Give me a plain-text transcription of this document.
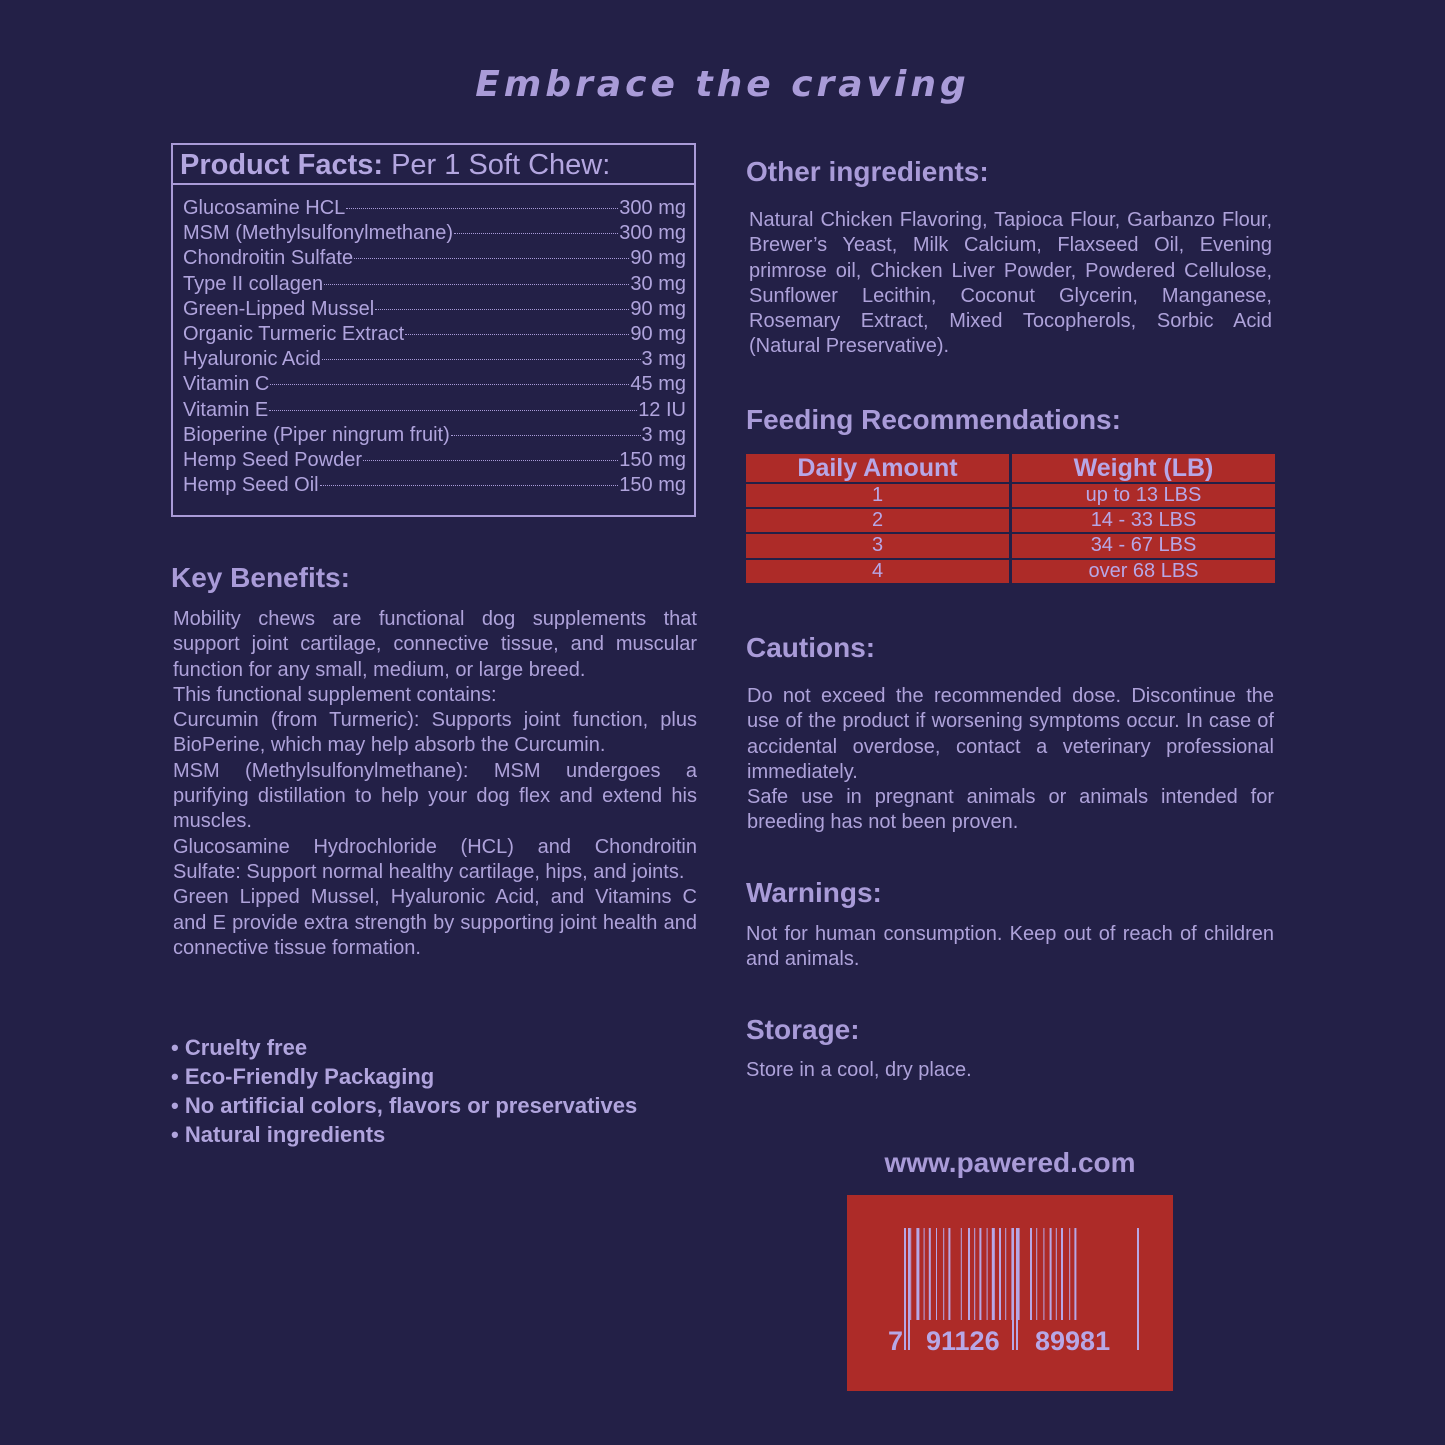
Embrace the craving
Product Facts: Per 1 Soft Chew:
Glucosamine HCL	300 mg
MSM (Methylsulfonylmethane)	300 mg
Chondroitin Sulfate	90 mg
Type II collagen	30 mg
Green-Lipped Mussel	90 mg
Organic Turmeric Extract	90 mg
Hyaluronic Acid	3 mg
Vitamin C	45 mg
Vitamin E	12 IU
Bioperine (Piper ningrum fruit)	3 mg
Hemp Seed Powder	150 mg
Hemp Seed Oil	150 mg
Key Benefits:

Mobility chews are functional dog supplements that support joint cartilage, connective tissue, and muscular function for any small, medium, or large breed.

This functional supplement contains:

Curcumin (from Turmeric): Supports joint function, plus BioPerine, which may help absorb the Curcumin.

MSM (Methylsulfonylmethane): MSM undergoes a purifying distillation to help your dog flex and extend his muscles.

Glucosamine Hydrochloride (HCL) and Chondroitin Sulfate: Support normal healthy cartilage, hips, and joints.

Green Lipped Mussel, Hyaluronic Acid, and Vitamins C and E provide extra strength by supporting joint health and connective tissue formation.

• Cruelty free
• Eco-Friendly Packaging
• No artificial colors, flavors or preservatives
• Natural ingredients
Other ingredients:

Natural Chicken Flavoring, Tapioca Flour, Garbanzo Flour, Brewer’s Yeast, Milk Calcium, Flaxseed Oil, Evening primrose oil, Chicken Liver Powder, Powdered Cellulose, Sunflower Lecithin, Coconut Glycerin, Manganese, Rosemary Extract, Mixed Tocopherols, Sorbic Acid (Natural Preservative).

Feeding Recommendations:
Daily Amount	Weight (LB)
1	up to 13 LBS
2	14 - 33 LBS
3	34 - 67 LBS
4	over 68 LBS
Cautions:

Do not exceed the recommended dose. Discontinue the use of the product if worsening symptoms occur. In case of accidental overdose, contact a veterinary professional immediately.

Safe use in pregnant animals or animals intended for breeding has not been proven.

Warnings:

Not for human consumption. Keep out of reach of children and animals.

Storage:

Store in a cool, dry place.

www.pawered.com
7 91126 89981
